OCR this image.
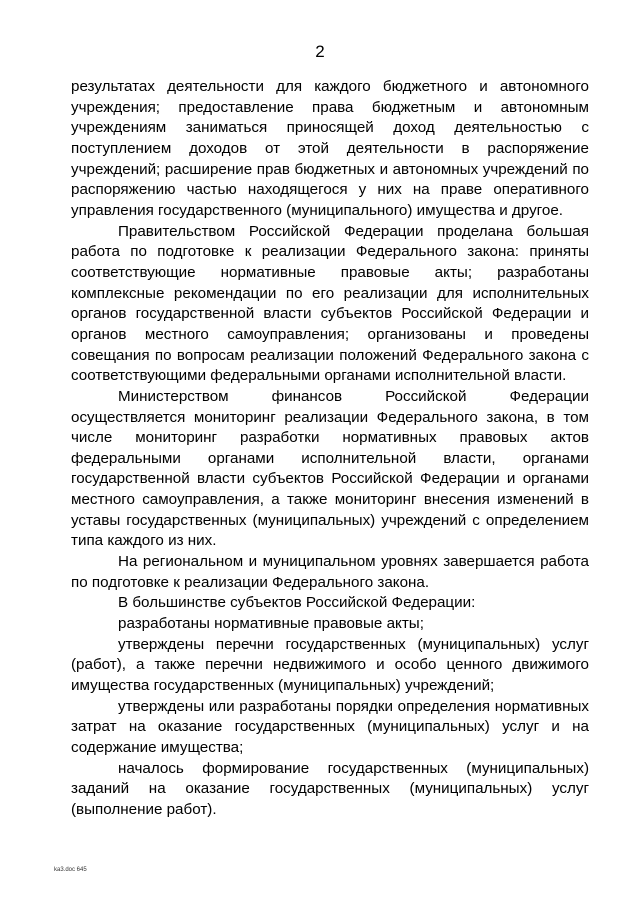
2

результатах деятельности для каждого бюджетного и автономного учреждения; предоставление права бюджетным и автономным учреждениям заниматься приносящей доход деятельностью с поступлением доходов от этой деятельности в распоряжение учреждений; расширение прав бюджетных и автономных учреждений по распоряжению частью находящегося у них на праве оперативного управления государственного (муниципального) имущества и другое.

Правительством Российской Федерации проделана большая работа по подготовке к реализации Федерального закона: приняты соответствующие нормативные правовые акты; разработаны комплексные рекомендации по его реализации для исполнительных органов государственной власти субъектов Российской Федерации и органов местного самоуправления; организованы и проведены совещания по вопросам реализации положений Федерального закона с соответствующими федеральными органами исполнительной власти.

Министерством финансов Российской Федерации осуществляется мониторинг реализации Федерального закона, в том числе мониторинг разработки нормативных правовых актов федеральными органами исполнительной власти, органами государственной власти субъектов Российской Федерации и органами местного самоуправления, а также мониторинг внесения изменений в уставы государственных (муниципальных) учреждений с определением типа каждого из них.

На региональном и муниципальном уровнях завершается работа по подготовке к реализации Федерального закона.

В большинстве субъектов Российской Федерации:

разработаны нормативные правовые акты;

утверждены перечни государственных (муниципальных) услуг (работ), а также перечни недвижимого и особо ценного движимого имущества государственных (муниципальных) учреждений;

утверждены или разработаны порядки определения нормативных затрат на оказание государственных (муниципальных) услуг и на содержание имущества;

началось формирование государственных (муниципальных) заданий на оказание государственных (муниципальных) услуг (выполнение работ).

ka3.doc 645
